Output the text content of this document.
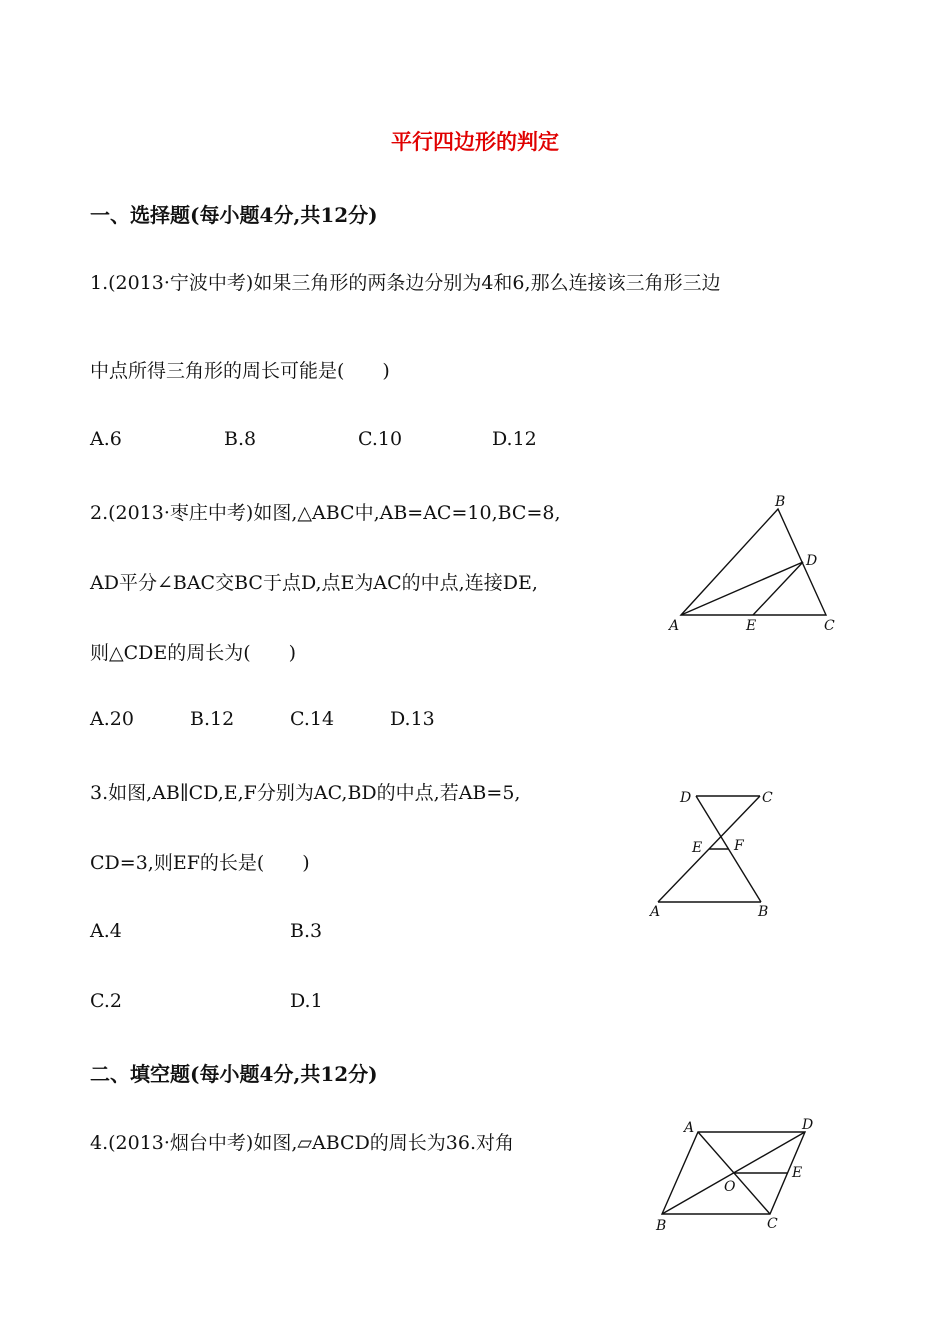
平行四边形的判定
一、选择题(每小题4分,共12分)
1.(2013·宁波中考)如果三角形的两条边分别为4和6,那么连接该三角形三边
中点所得三角形的周长可能是(　　)
A.6	B.8	C.10	D.12
2.(2013·枣庄中考)如图,△ABC中,AB=AC=10,BC=8,
AD平分∠BAC交BC于点D,点E为AC的中点,连接DE,
则△CDE的周长为(　　)
A.20	B.12	C.14	D.13
B
D
A	E	C
3.如图,AB∥CD,E,F分别为AC,BD的中点,若AB=5,
CD=3,则EF的长是(　　)
A.4	B.3
C.2	D.1
D	C
E F
A	B
二、填空题(每小题4分,共12分)
4.(2013·烟台中考)如图,▱ABCD的周长为36.对角
A	D
E
O
B	C
